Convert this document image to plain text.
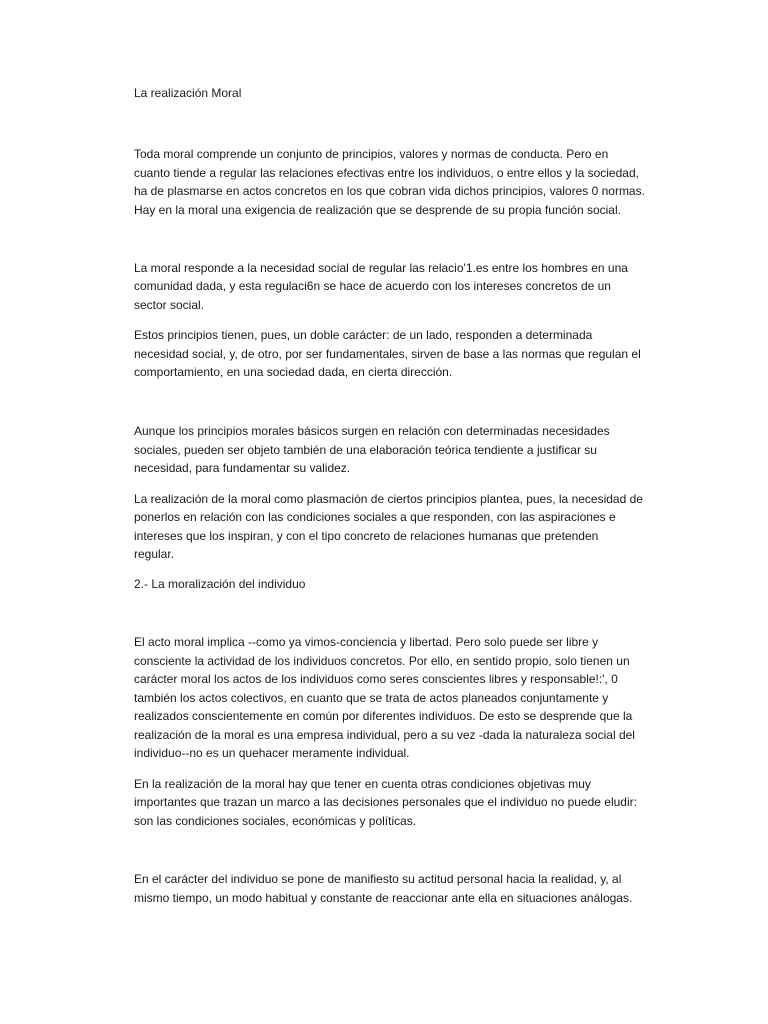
La realización Moral
Toda moral comprende un conjunto de principios, valores y normas de conducta. Pero en
cuanto tiende a regular las relaciones efectivas entre los individuos, o entre ellos y la sociedad,
ha de plasmarse en actos concretos en los que cobran vida dichos principios, valores 0 normas.
Hay en la moral una exigencia de realización que se desprende de su propia función social.
La moral responde a la necesidad social de regular las relacio'1.es entre los hombres en una
comunidad dada, y esta regulaci6n se hace de acuerdo con los intereses concretos de un
sector social.
Estos principios tienen, pues, un doble carácter: de un lado, responden a determinada
necesidad social, y, de otro, por ser fundamentales, sirven de base a las normas que regulan el
comportamiento, en una sociedad dada, en cierta dirección.
Aunque los principios morales básicos surgen en relación con determinadas necesidades
sociales, pueden ser objeto también de una elaboración teórica tendiente a justificar su
necesidad, para fundamentar su validez.
La realización de la moral como plasmación de ciertos principios plantea, pues, la necesidad de
ponerlos en relación con las condiciones sociales a que responden, con las aspiraciones e
intereses que los inspiran, y con el tipo concreto de relaciones humanas que pretenden
regular.
2.- La moralización del individuo
El acto moral implica --como ya vimos-conciencia y libertad. Pero solo puede ser libre y
consciente la actividad de los individuos concretos. Por ello, en sentido propio, solo tienen un
carácter moral los actos de los individuos como seres conscientes libres y responsable!:', 0
también los actos colectivos, en cuanto que se trata de actos planeados conjuntamente y
realizados conscientemente en común por diferentes individuos. De esto se desprende que la
realización de la moral es una empresa individual, pero a su vez -dada la naturaleza social del
individuo--no es un quehacer meramente individual.
En la realización de la moral hay que tener en cuenta otras condiciones objetivas muy
importantes que trazan un marco a las decisiones personales que el individuo no puede eludir:
son las condiciones sociales, económicas y políticas.
En el carácter del individuo se pone de manifiesto su actitud personal hacia la realidad, y, al
mismo tiempo, un modo habitual y constante de reaccionar ante ella en situaciones análogas.
